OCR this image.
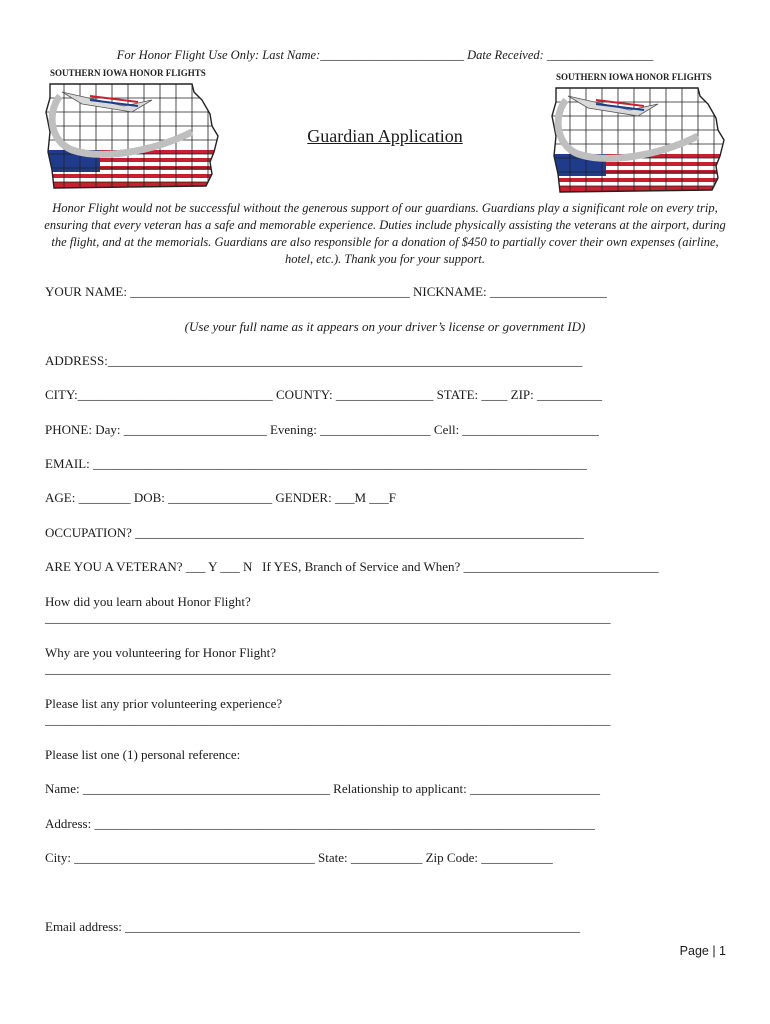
For Honor Flight Use Only: Last Name:_______________________ Date Received: _________________
SOUTHERN IOWA HONOR FLIGHTS	SOUTHERN IOWA HONOR FLIGHTS
Guardian Application
Honor Flight would not be successful without the generous support of our guardians. Guardians play a significant role on every trip, ensuring that every veteran has a safe and memorable experience. Duties include physically assisting the veterans at the airport, during the flight, and at the memorials. Guardians are also responsible for a donation of $450 to partially cover their own expenses (airline, hotel, etc.). Thank you for your support.
YOUR NAME: ___________________________________________ NICKNAME: __________________
(Use your full name as it appears on your driver’s license or government ID)
ADDRESS:_________________________________________________________________________
CITY:______________________________ COUNTY: _______________ STATE: ____ ZIP: __________
PHONE: Day: ______________________ Evening: _________________ Cell: _____________________
EMAIL: ____________________________________________________________________________
AGE: ________ DOB: ________________ GENDER: ___M ___F
OCCUPATION? _____________________________________________________________________
ARE YOU A VETERAN? ___ Y ___ N   If YES, Branch of Service and When? ______________________________
How did you learn about Honor Flight?
_______________________________________________________________________________________
Why are you volunteering for Honor Flight?
_______________________________________________________________________________________
Please list any prior volunteering experience?
_______________________________________________________________________________________
Please list one (1) personal reference:
Name: ______________________________________ Relationship to applicant: ____________________
Address: _____________________________________________________________________________
City: _____________________________________ State: ___________ Zip Code: ___________
Email address: ______________________________________________________________________
Page | 1
